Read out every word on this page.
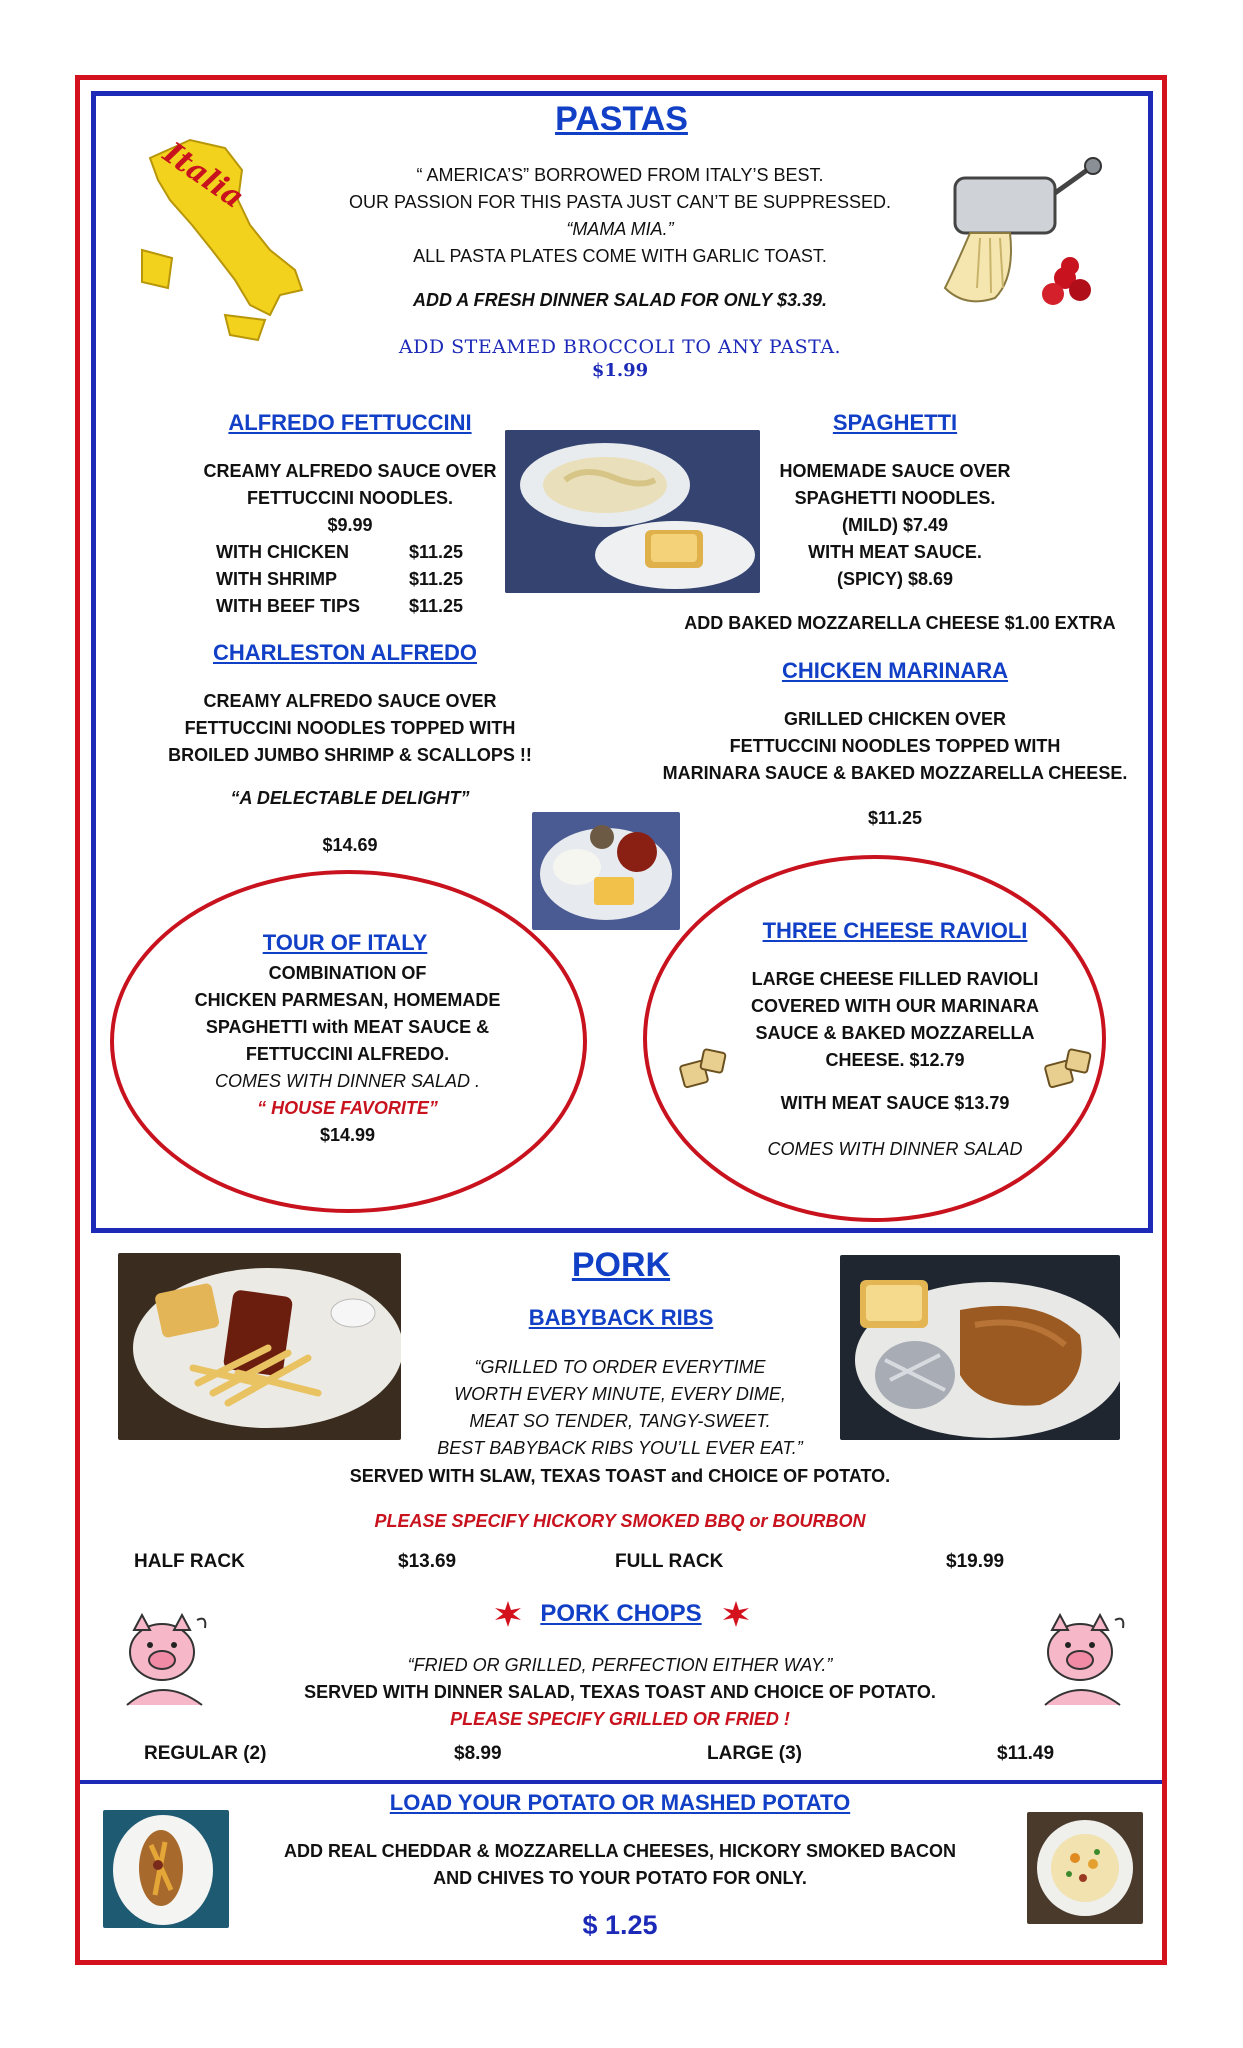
PASTAS
Italia	“ AMERICA’S” BORROWED FROM ITALY’S BEST.
OUR PASSION FOR THIS PASTA JUST CAN’T BE SUPPRESSED.
“MAMA MIA.”
ALL PASTA PLATES COME WITH GARLIC TOAST.
ADD A FRESH DINNER SALAD FOR ONLY $3.39.
ADD STEAMED BROCCOLI TO ANY PASTA.
$1.99
ALFREDO FETTUCCINI
CREAMY ALFREDO SAUCE OVER
FETTUCCINI NOODLES.
$9.99
WITH CHICKEN	$11.25
WITH SHRIMP	$11.25
WITH BEEF TIPS	$11.25
SPAGHETTI
HOMEMADE SAUCE OVER
SPAGHETTI NOODLES.
(MILD) $7.49
WITH MEAT SAUCE.
(SPICY) $8.69
ADD BAKED MOZZARELLA CHEESE $1.00 EXTRA
CHARLESTON ALFREDO
CREAMY ALFREDO SAUCE OVER
FETTUCCINI NOODLES TOPPED WITH
BROILED JUMBO SHRIMP & SCALLOPS !!
“A DELECTABLE DELIGHT”
$14.69
CHICKEN MARINARA
GRILLED CHICKEN OVER
FETTUCCINI NOODLES TOPPED WITH
MARINARA SAUCE & BAKED MOZZARELLA CHEESE.
$11.25
TOUR OF ITALY
COMBINATION OF
CHICKEN PARMESAN, HOMEMADE
SPAGHETTI with MEAT SAUCE &
FETTUCCINI ALFREDO.
COMES WITH DINNER SALAD .
“ HOUSE FAVORITE”
$14.99
THREE CHEESE RAVIOLI
LARGE CHEESE FILLED RAVIOLI
COVERED WITH OUR MARINARA
SAUCE & BAKED MOZZARELLA
CHEESE. $12.79
WITH MEAT SAUCE $13.79
COMES WITH DINNER SALAD
PORK
BABYBACK RIBS
“GRILLED TO ORDER EVERYTIME
WORTH EVERY MINUTE, EVERY DIME,
MEAT SO TENDER, TANGY-SWEET.
BEST BABYBACK RIBS YOU’LL EVER EAT.”
SERVED WITH SLAW, TEXAS TOAST and CHOICE OF POTATO.
PLEASE SPECIFY HICKORY SMOKED BBQ or BOURBON
HALF RACK	$13.69	FULL RACK	$19.99
PORK CHOPS
“FRIED OR GRILLED, PERFECTION EITHER WAY.”
SERVED WITH DINNER SALAD, TEXAS TOAST AND CHOICE OF POTATO.
PLEASE SPECIFY GRILLED OR FRIED !
REGULAR (2)	$8.99	LARGE (3)	$11.49
LOAD YOUR POTATO OR MASHED POTATO
ADD REAL CHEDDAR & MOZZARELLA CHEESES, HICKORY SMOKED BACON
AND CHIVES TO YOUR POTATO FOR ONLY.
$ 1.25
